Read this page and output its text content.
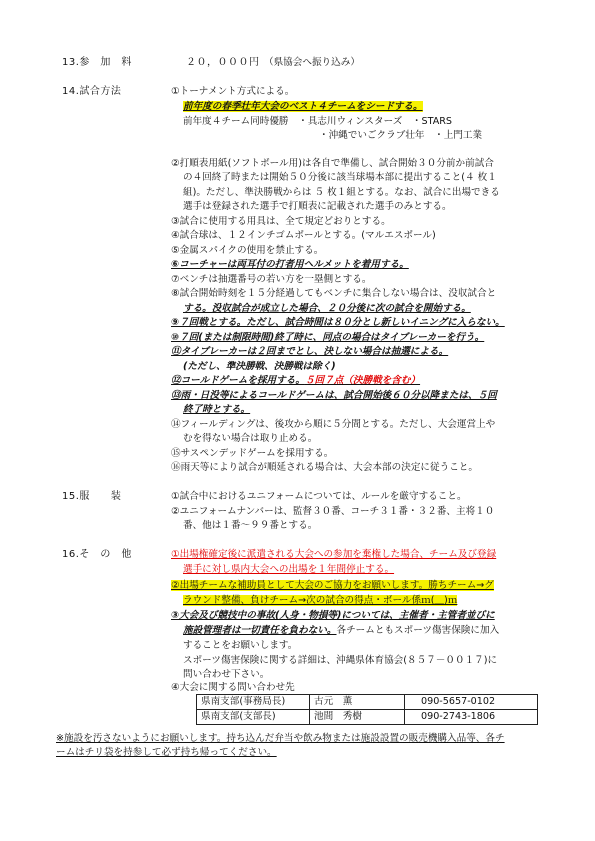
13.参　加　料	２０，０００円 （県協会へ振り込み）
14.試合方法	①トーナメント方式による。
前年度の春季壮年大会のベスト４チームをシードする。
前年度４チーム同時優勝　・具志川ウィンスターズ　・STARS
・沖縄でいごクラブ壮年　・上門工業
②打順表用紙(ソフトボール用)は各自で準備し、試合開始３０分前か前試合
の４回終了時または開始５０分後に該当球場本部に提出すること(４ 枚１
組)。ただし、準決勝戦からは ５ 枚１組とする。なお、試合に出場できる
選手は登録された選手で打順表に記載された選手のみとする。
③試合に使用する用具は、全て規定どおりとする。
④試合球は、１２インチゴムボールとする。(マルエスボール)
⑤金属スパイクの使用を禁止する。
⑥コーチャーは両耳付の打者用ヘルメットを着用する。
⑦ベンチは抽選番号の若い方を一塁側とする。
⑧試合開始時刻を１５分経過してもベンチに集合しない場合は、没収試合と
する。没収試合が成立した場合、２０分後に次の試合を開始する。
⑨７回戦とする。ただし、試合時間は８０分とし新しいイニングに入らない。
⑩７回(または制限時間)終了時に、同点の場合はタイブレーカーを行う。
⑪タイブレーカーは２回までとし、決しない場合は抽選による。
(ただし、準決勝戦、決勝戦は除く)
⑫コールドゲームを採用する。５回７点（決勝戦を含む）
⑬雨・日没等によるコールドゲームは、試合開始後６０分以降または、５回
終了時とする。
⑭フィールディングは、後攻から順に５分間とする。ただし、大会運営上や
むを得ない場合は取り止める。
⑮サスペンデッドゲームを採用する。
⑯雨天等により試合が順延される場合は、大会本部の決定に従うこと。
15.服　　装	①試合中におけるユニフォームについては、ルールを厳守すること。
②ユニフォームナンバーは、監督３０番、コーチ３１番・３２番、主将１０
番、他は１番～９９番とする。
16.そ　の　他	①出場権確定後に派遣される大会への参加を棄権した場合、チーム及び登録
選手に対し県内大会への出場を１年間停止する。
②出場チームな補助員として大会のご協力をお願いします。勝ちチーム→グ
ラウンド整備、負けチーム→次の試合の得点・ボール係ｍ(＿)ｍ
③大会及び競技中の事故(人身・物損等)については、主催者・主管者並びに
施設管理者は一切責任を負わない。各チームともスポーツ傷害保険に加入
することをお願いします。
スポーツ傷害保険に関する詳細は、沖縄県体育協会(８５７－００１７)に
問い合わせ下さい。
④大会に関する問い合わせ先
県南支部(事務局長)	古元　薫	090-5657-0102
県南支部(支部長)	池間　秀樹	090-2743-1806
※施設を汚さないようにお願いします。持ち込んだ弁当や飲み物または施設設置の販売機購入品等、各チ
ームはチリ袋を持参して必ず持ち帰ってください。
